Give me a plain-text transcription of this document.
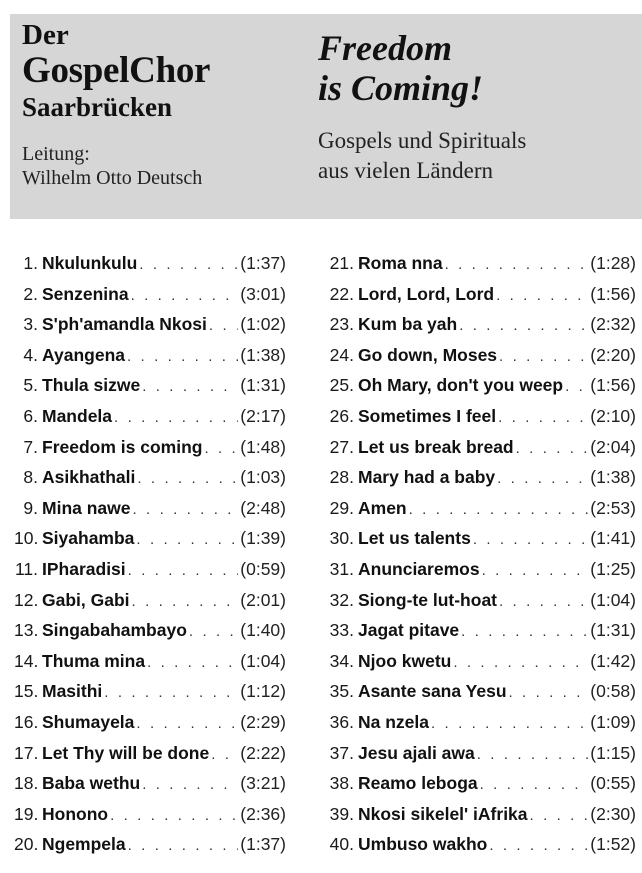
Der
GospelChor
Saarbrücken
Leitung:
Wilhelm Otto Deutsch
Freedom
is Coming!
Gospels und Spirituals
aus vielen Ländern
1. Nkulunkulu . . .	(1:37)
2. Senzenina . . .	(3:01)
3. S'ph'amandla Nkosi . . . (1:02)
4. Ayangena . . .	(1:38)
5. Thula sizwe . . .	(1:31)
6. Mandela . . .	(2:17)
7. Freedom is coming . . . (1:48)
8. Asikhathali . . .	(1:03)
9. Mina nawe . . .	(2:48)
10. Siyahamba . . .	(1:39)
11. IPharadisi . . .	(0:59)
12. Gabi, Gabi . . .	(2:01)
13. Singabahambayo . . .	(1:40)
14. Thuma mina . . .	(1:04)
15. Masithi . . .	(1:12)
16. Shumayela . . .	(2:29)
17. Let Thy will be done . . . (2:22)
18. Baba wethu . . .	(3:21)
19. Honono . . .	(2:36)
20. Ngempela . . .	(1:37)
21. Roma nna . . .	(1:28)
22. Lord, Lord, Lord . . .	(1:56)
23. Kum ba yah . . .	(2:32)
24. Go down, Moses . . .	(2:20)
25. Oh Mary, don't you weep . . . (1:56)
26. Sometimes I feel . . .	(2:10)
27. Let us break bread . . .	(2:04)
28. Mary had a baby . . .	(1:38)
29. Amen . . .	(2:53)
30. Let us talents . . .	(1:41)
31. Anunciaremos . . .	(1:25)
32. Siong-te lut-hoat . . .	(1:04)
33. Jagat pitave . . .	(1:31)
34. Njoo kwetu . . .	(1:42)
35. Asante sana Yesu . . .	(0:58)
36. Na nzela . . .	(1:09)
37. Jesu ajali awa . . .	(1:15)
38. Reamo leboga . . .	(0:55)
39. Nkosi sikelel' iAfrika . . .	(2:30)
40. Umbuso wakho . . .	(1:52)
